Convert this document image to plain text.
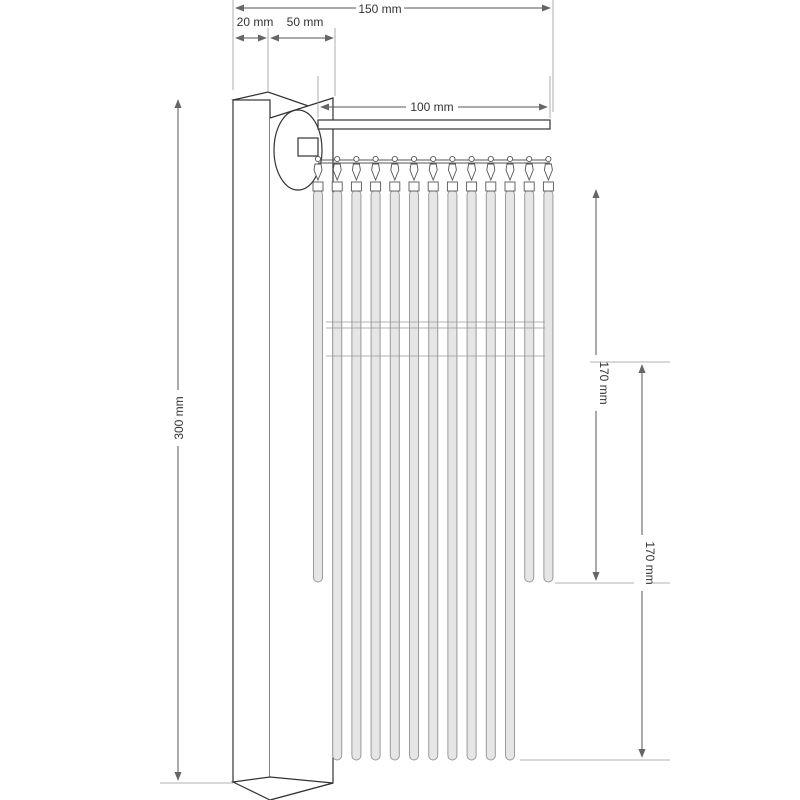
150 mm
20 mm 50 mm
100 mm
300 mm
170 mm
170 mm
